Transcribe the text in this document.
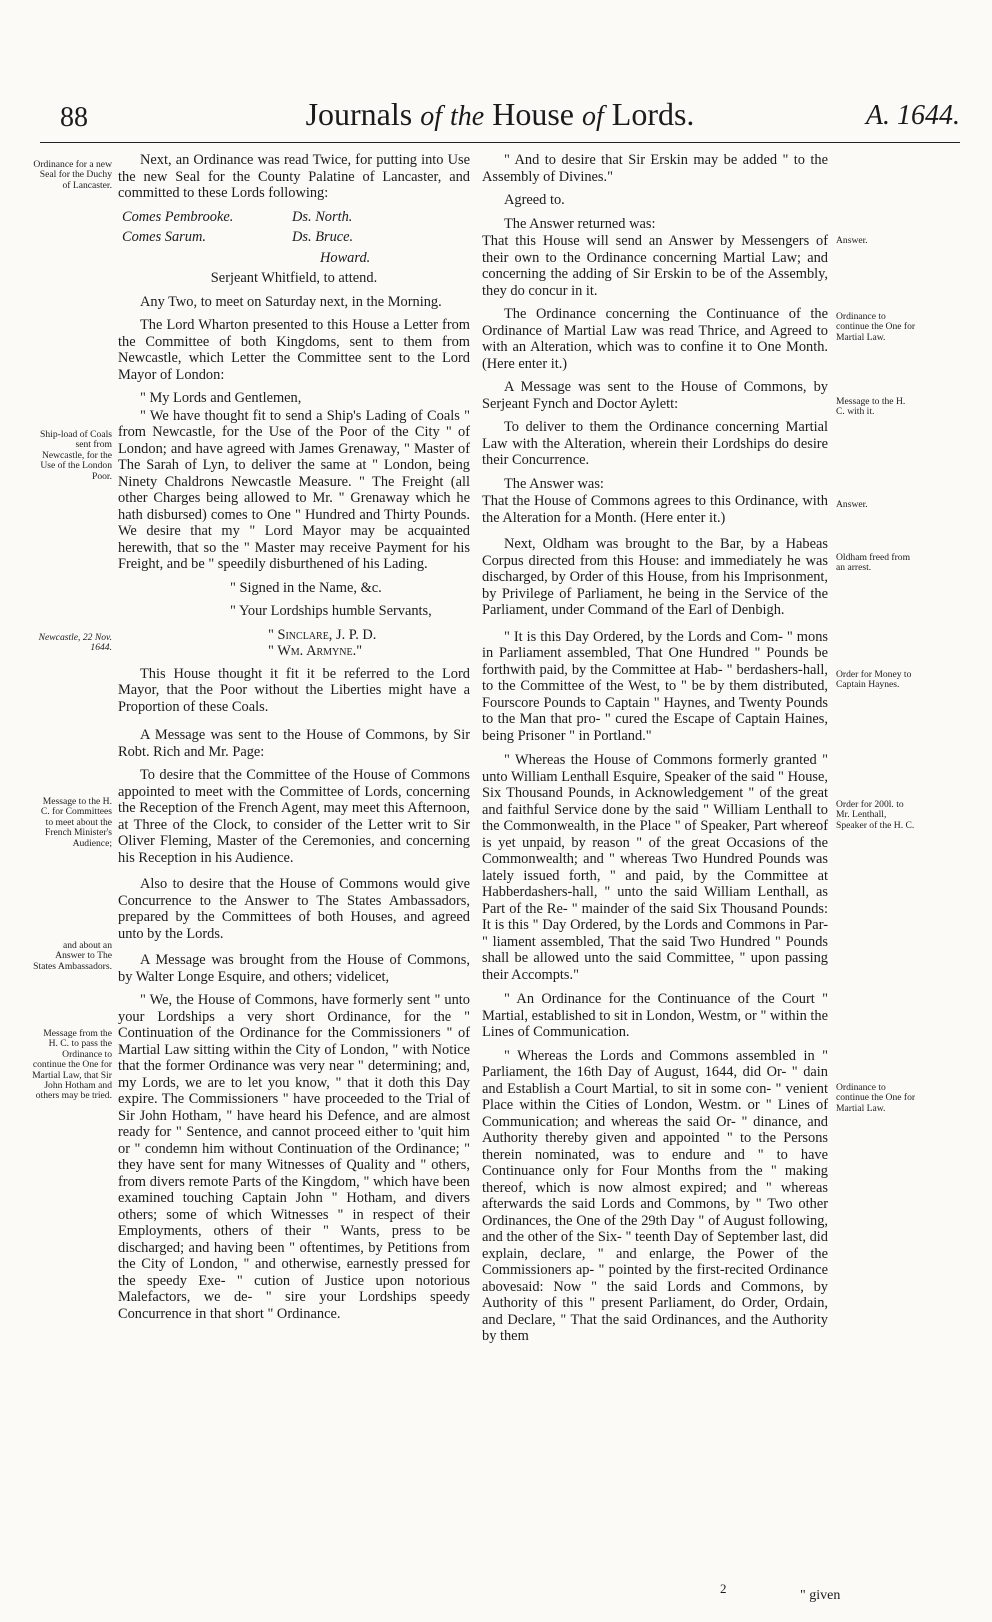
88	Journals of the House of Lords.	A. 1644.
Ordinance for a new Seal for the Duchy of Lancaster.
Ship-load of Coals sent from Newcastle, for the Use of the London Poor.
Newcastle, 22 Nov. 1644.
Message to the H. C. for Committees to meet about the French Minister's Audience;
and about an Answer to The States Ambassadors.
Message from the H. C. to pass the Ordinance to continue the One for Martial Law, that Sir John Hotham and others may be tried.
Answer.
Ordinance to continue the One for Martial Law.
Message to the H. C. with it.
Answer.
Oldham freed from an arrest.
Order for Money to Captain Haynes.
Order for 200l. to Mr. Lenthall, Speaker of the H. C.
Ordinance to continue the One for Martial Law.

Next, an Ordinance was read Twice, for putting into Use the new Seal for the County Palatine of Lancaster, and committed to these Lords following:

Comes Pembrooke.	Ds. North.
Comes Sarum.	Ds. Bruce.
Howard.

Serjeant Whitfield, to attend.

Any Two, to meet on Saturday next, in the Morning.

The Lord Wharton presented to this House a Letter from the Committee of both Kingdoms, sent to them from Newcastle, which Letter the Committee sent to the Lord Mayor of London:

" My Lords and Gentlemen,

" We have thought fit to send a Ship's Lading of Coals " from Newcastle, for the Use of the Poor of the City " of London; and have agreed with James Grenaway, " Master of The Sarah of Lyn, to deliver the same at " London, being Ninety Chaldrons Newcastle Measure. " The Freight (all other Charges being allowed to Mr. " Grenaway which he hath disbursed) comes to One " Hundred and Thirty Pounds. We desire that my " Lord Mayor may be acquainted herewith, that so the " Master may receive Payment for his Freight, and be " speedily disburthened of his Lading.

" Signed in the Name, &c.

" Your Lordships humble Servants,

" Sinclare, J. P. D.
" Wm. Armyne."

This House thought it fit it be referred to the Lord Mayor, that the Poor without the Liberties might have a Proportion of these Coals.

A Message was sent to the House of Commons, by Sir Robt. Rich and Mr. Page:

To desire that the Committee of the House of Commons appointed to meet with the Committee of Lords, concerning the Reception of the French Agent, may meet this Afternoon, at Three of the Clock, to consider of the Letter writ to Sir Oliver Fleming, Master of the Ceremonies, and concerning his Reception in his Audience.

Also to desire that the House of Commons would give Concurrence to the Answer to The States Ambassadors, prepared by the Committees of both Houses, and agreed unto by the Lords.

A Message was brought from the House of Commons, by Walter Longe Esquire, and others; videlicet,

" We, the House of Commons, have formerly sent " unto your Lordships a very short Ordinance, for the " Continuation of the Ordinance for the Commissioners " of Martial Law sitting within the City of London, " with Notice that the former Ordinance was very near " determining; and, my Lords, we are to let you know, " that it doth this Day expire. The Commissioners " have proceeded to the Trial of Sir John Hotham, " have heard his Defence, and are almost ready for " Sentence, and cannot proceed either to 'quit him or " condemn him without Continuation of the Ordinance; " they have sent for many Witnesses of Quality and " others, from divers remote Parts of the Kingdom, " which have been examined touching Captain John " Hotham, and divers others; some of which Witnesses " in respect of their Employments, others of their " Wants, press to be discharged; and having been " oftentimes, by Petitions from the City of London, " and otherwise, earnestly pressed for the speedy Exe- " cution of Justice upon notorious Malefactors, we de- " sire your Lordships speedy Concurrence in that short " Ordinance.

" And to desire that Sir Erskin may be added " to the Assembly of Divines."

Agreed to.

The Answer returned was:

That this House will send an Answer by Messengers of their own to the Ordinance concerning Martial Law; and concerning the adding of Sir Erskin to be of the Assembly, they do concur in it.

The Ordinance concerning the Continuance of the Ordinance of Martial Law was read Thrice, and Agreed to with an Alteration, which was to confine it to One Month. (Here enter it.)

A Message was sent to the House of Commons, by Serjeant Fynch and Doctor Aylett:

To deliver to them the Ordinance concerning Martial Law with the Alteration, wherein their Lordships do desire their Concurrence.

The Answer was:

That the House of Commons agrees to this Ordinance, with the Alteration for a Month. (Here enter it.)

Next, Oldham was brought to the Bar, by a Habeas Corpus directed from this House: and immediately he was discharged, by Order of this House, from his Imprisonment, by Privilege of Parliament, he being in the Service of the Parliament, under Command of the Earl of Denbigh.

" It is this Day Ordered, by the Lords and Com- " mons in Parliament assembled, That One Hundred " Pounds be forthwith paid, by the Committee at Hab- " berdashers-hall, to the Committee of the West, to " be by them distributed, Fourscore Pounds to Captain " Haynes, and Twenty Pounds to the Man that pro- " cured the Escape of Captain Haines, being Prisoner " in Portland."

" Whereas the House of Commons formerly granted " unto William Lenthall Esquire, Speaker of the said " House, Six Thousand Pounds, in Acknowledgement " of the great and faithful Service done by the said " William Lenthall to the Commonwealth, in the Place " of Speaker, Part whereof is yet unpaid, by reason " of the great Occasions of the Commonwealth; and " whereas Two Hundred Pounds was lately issued forth, " and paid, by the Committee at Habberdashers-hall, " unto the said William Lenthall, as Part of the Re- " mainder of the said Six Thousand Pounds: It is this " Day Ordered, by the Lords and Commons in Par- " liament assembled, That the said Two Hundred " Pounds shall be allowed unto the said Committee, " upon passing their Accompts."

" An Ordinance for the Continuance of the Court " Martial, established to sit in London, Westm, or " within the Lines of Communication.

" Whereas the Lords and Commons assembled in " Parliament, the 16th Day of August, 1644, did Or- " dain and Establish a Court Martial, to sit in some con- " venient Place within the Cities of London, Westm. or " Lines of Communication; and whereas the said Or- " dinance, and Authority thereby given and appointed " to the Persons therein nominated, was to endure and " to have Continuance only for Four Months from the " making thereof, which is now almost expired; and " whereas afterwards the said Lords and Commons, by " Two other Ordinances, the One of the 29th Day " of August following, and the other of the Six- " teenth Day of September last, did explain, declare, " and enlarge, the Power of the Commissioners ap- " pointed by the first-recited Ordinance abovesaid: Now " the said Lords and Commons, by Authority of this " present Parliament, do Order, Ordain, and Declare, " That the said Ordinances, and the Authority by them

2	" given
